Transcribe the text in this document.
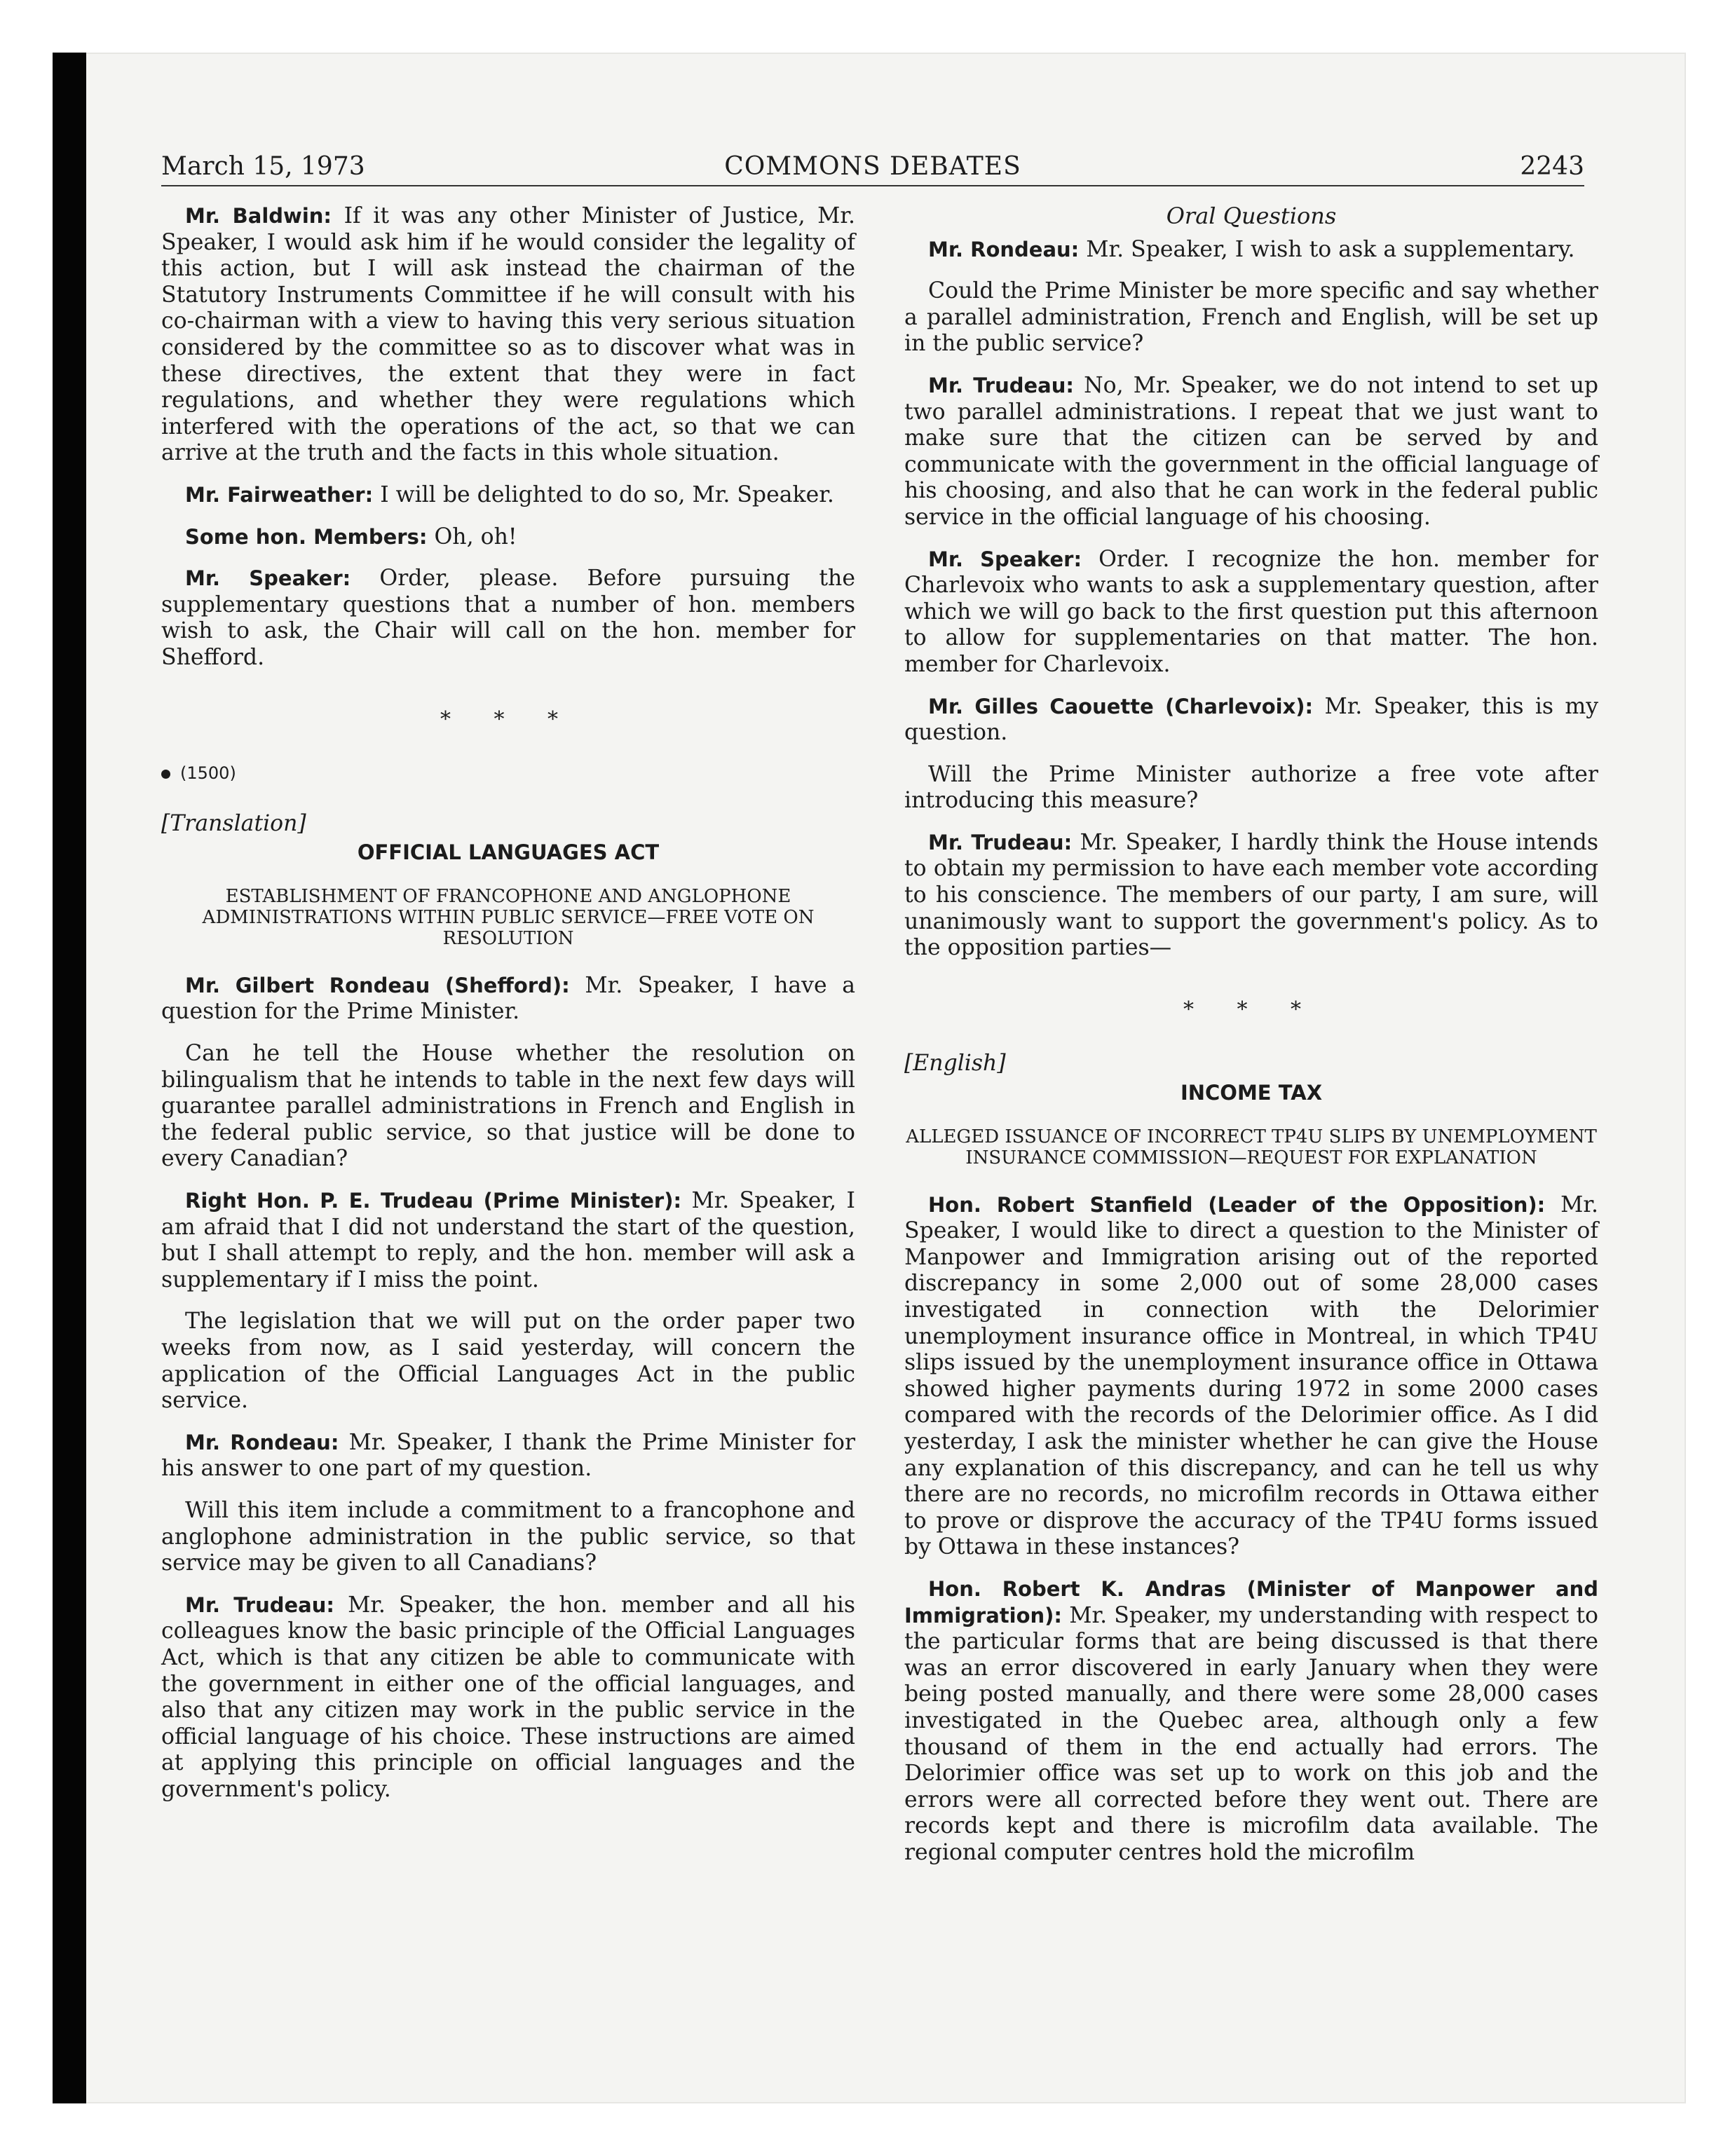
March 15, 1973	COMMONS DEBATES	2243

Mr. Baldwin: If it was any other Minister of Justice, Mr. Speaker, I would ask him if he would consider the legality of this action, but I will ask instead the chairman of the Statutory Instruments Committee if he will consult with his co-chairman with a view to having this very serious situation considered by the committee so as to discover what was in these directives, the extent that they were in fact regulations, and whether they were regulations which interfered with the operations of the act, so that we can arrive at the truth and the facts in this whole situation.

Mr. Fairweather: I will be delighted to do so, Mr. Speaker.

Some hon. Members: Oh, oh!

Mr. Speaker: Order, please. Before pursuing the supplementary questions that a number of hon. members wish to ask, the Chair will call on the hon. member for Shefford.

* * *
(1500)
[Translation]
OFFICIAL LANGUAGES ACT
ESTABLISHMENT OF FRANCOPHONE AND ANGLOPHONE ADMINISTRATIONS WITHIN PUBLIC SERVICE—FREE VOTE ON RESOLUTION

Mr. Gilbert Rondeau (Shefford): Mr. Speaker, I have a question for the Prime Minister.

Can he tell the House whether the resolution on bilingualism that he intends to table in the next few days will guarantee parallel administrations in French and English in the federal public service, so that justice will be done to every Canadian?

Right Hon. P. E. Trudeau (Prime Minister): Mr. Speaker, I am afraid that I did not understand the start of the question, but I shall attempt to reply, and the hon. member will ask a supplementary if I miss the point.

The legislation that we will put on the order paper two weeks from now, as I said yesterday, will concern the application of the Official Languages Act in the public service.

Mr. Rondeau: Mr. Speaker, I thank the Prime Minister for his answer to one part of my question.

Will this item include a commitment to a francophone and anglophone administration in the public service, so that service may be given to all Canadians?

Mr. Trudeau: Mr. Speaker, the hon. member and all his colleagues know the basic principle of the Official Languages Act, which is that any citizen be able to communicate with the government in either one of the official languages, and also that any citizen may work in the public service in the official language of his choice. These instructions are aimed at applying this principle on official languages and the government's policy.

Oral Questions

Mr. Rondeau: Mr. Speaker, I wish to ask a supplementary.

Could the Prime Minister be more specific and say whether a parallel administration, French and English, will be set up in the public service?

Mr. Trudeau: No, Mr. Speaker, we do not intend to set up two parallel administrations. I repeat that we just want to make sure that the citizen can be served by and communicate with the government in the official language of his choosing, and also that he can work in the federal public service in the official language of his choosing.

Mr. Speaker: Order. I recognize the hon. member for Charlevoix who wants to ask a supplementary question, after which we will go back to the first question put this afternoon to allow for supplementaries on that matter. The hon. member for Charlevoix.

Mr. Gilles Caouette (Charlevoix): Mr. Speaker, this is my question.

Will the Prime Minister authorize a free vote after introducing this measure?

Mr. Trudeau: Mr. Speaker, I hardly think the House intends to obtain my permission to have each member vote according to his conscience. The members of our party, I am sure, will unanimously want to support the government's policy. As to the opposition parties—

* * *
[English]
INCOME TAX
ALLEGED ISSUANCE OF INCORRECT TP4U SLIPS BY UNEMPLOYMENT INSURANCE COMMISSION—REQUEST FOR EXPLANATION

Hon. Robert Stanfield (Leader of the Opposition): Mr. Speaker, I would like to direct a question to the Minister of Manpower and Immigration arising out of the reported discrepancy in some 2,000 out of some 28,000 cases investigated in connection with the Delorimier unemployment insurance office in Montreal, in which TP4U slips issued by the unemployment insurance office in Ottawa showed higher payments during 1972 in some 2000 cases compared with the records of the Delorimier office. As I did yesterday, I ask the minister whether he can give the House any explanation of this discrepancy, and can he tell us why there are no records, no microfilm records in Ottawa either to prove or disprove the accuracy of the TP4U forms issued by Ottawa in these instances?

Hon. Robert K. Andras (Minister of Manpower and Immigration): Mr. Speaker, my understanding with respect to the particular forms that are being discussed is that there was an error discovered in early January when they were being posted manually, and there were some 28,000 cases investigated in the Quebec area, although only a few thousand of them in the end actually had errors. The Delorimier office was set up to work on this job and the errors were all corrected before they went out. There are records kept and there is microfilm data available. The regional computer centres hold the microfilm
